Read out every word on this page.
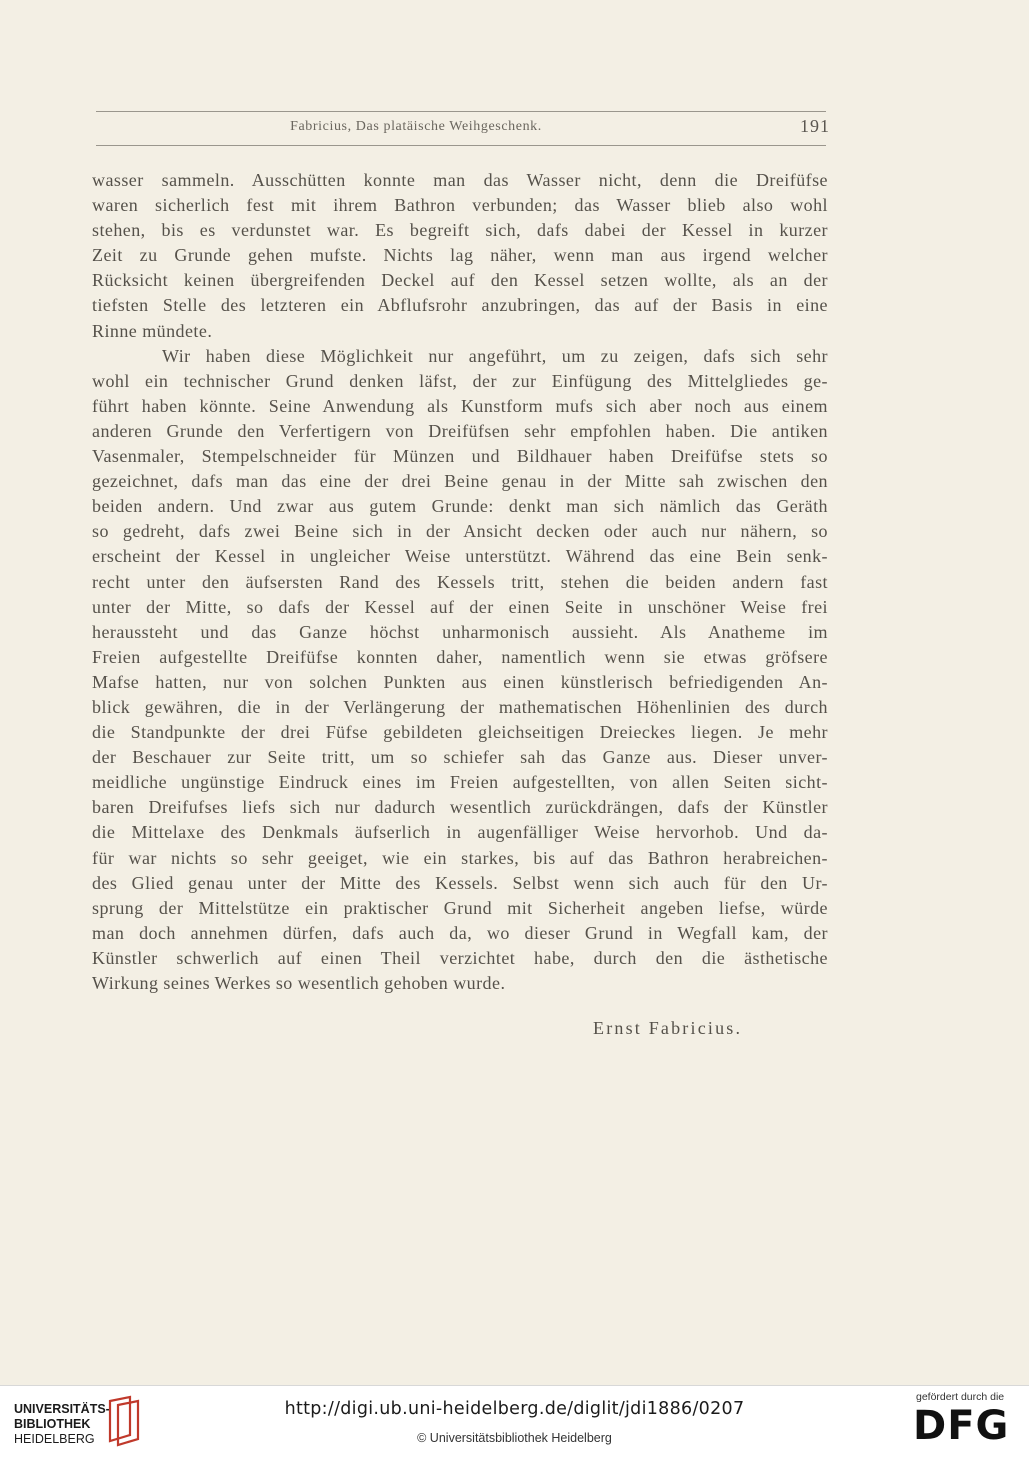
Fabricius, Das platäische Weihgeschenk.	191
wasser sammeln. Ausschütten konnte man das Wasser nicht, denn die Dreifüfse
waren sicherlich fest mit ihrem Bathron verbunden; das Wasser blieb also wohl
stehen, bis es verdunstet war. Es begreift sich, dafs dabei der Kessel in kurzer
Zeit zu Grunde gehen mufste. Nichts lag näher, wenn man aus irgend welcher
Rücksicht keinen übergreifenden Deckel auf den Kessel setzen wollte, als an der
tiefsten Stelle des letzteren ein Abflufsrohr anzubringen, das auf der Basis in eine
Rinne mündete.
Wir haben diese Möglichkeit nur angeführt, um zu zeigen, dafs sich sehr
wohl ein technischer Grund denken läfst, der zur Einfügung des Mittelgliedes ge-
führt haben könnte. Seine Anwendung als Kunstform mufs sich aber noch aus einem
anderen Grunde den Verfertigern von Dreifüfsen sehr empfohlen haben. Die antiken
Vasenmaler, Stempelschneider für Münzen und Bildhauer haben Dreifüfse stets so
gezeichnet, dafs man das eine der drei Beine genau in der Mitte sah zwischen den
beiden andern. Und zwar aus gutem Grunde: denkt man sich nämlich das Geräth
so gedreht, dafs zwei Beine sich in der Ansicht decken oder auch nur nähern, so
erscheint der Kessel in ungleicher Weise unterstützt. Während das eine Bein senk-
recht unter den äufsersten Rand des Kessels tritt, stehen die beiden andern fast
unter der Mitte, so dafs der Kessel auf der einen Seite in unschöner Weise frei
heraussteht und das Ganze höchst unharmonisch aussieht. Als Anatheme im
Freien aufgestellte Dreifüfse konnten daher, namentlich wenn sie etwas gröfsere
Mafse hatten, nur von solchen Punkten aus einen künstlerisch befriedigenden An-
blick gewähren, die in der Verlängerung der mathematischen Höhenlinien des durch
die Standpunkte der drei Füfse gebildeten gleichseitigen Dreieckes liegen. Je mehr
der Beschauer zur Seite tritt, um so schiefer sah das Ganze aus. Dieser unver-
meidliche ungünstige Eindruck eines im Freien aufgestellten, von allen Seiten sicht-
baren Dreifufses liefs sich nur dadurch wesentlich zurückdrängen, dafs der Künstler
die Mittelaxe des Denkmals äufserlich in augenfälliger Weise hervorhob. Und da-
für war nichts so sehr geeiget, wie ein starkes, bis auf das Bathron herabreichen-
des Glied genau unter der Mitte des Kessels. Selbst wenn sich auch für den Ur-
sprung der Mittelstütze ein praktischer Grund mit Sicherheit angeben liefse, würde
man doch annehmen dürfen, dafs auch da, wo dieser Grund in Wegfall kam, der
Künstler schwerlich auf einen Theil verzichtet habe, durch den die ästhetische
Wirkung seines Werkes so wesentlich gehoben wurde.
Ernst Fabricius.
UNIVERSITÄTS-
BIBLIOTHEK
HEIDELBERG
http://digi.ub.uni-heidelberg.de/diglit/jdi1886/0207
© Universitätsbibliothek Heidelberg
gefördert durch die
DFG
